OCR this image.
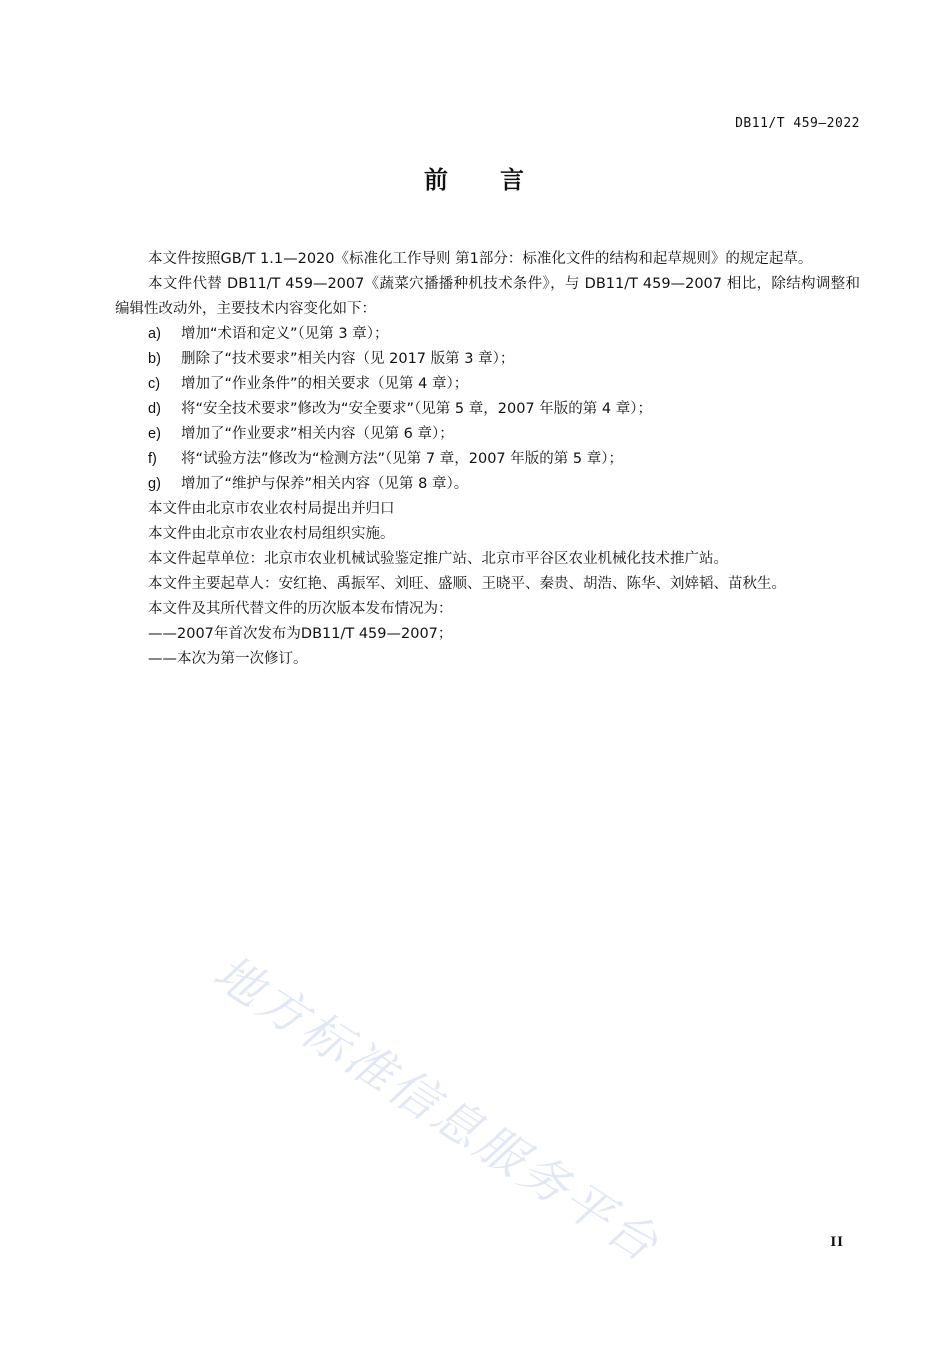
DB11/T 459—2022
前 言

本文件按照GB/T 1.1—2020《标准化工作导则 第1部分：标准化文件的结构和起草规则》的规定起草。

本文件代替 DB11/T 459—2007《蔬菜穴播播种机技术条件》，与 DB11/T 459—2007 相比，除结构调整和编辑性改动外，主要技术内容变化如下：

a)	增加“术语和定义”（见第 3 章）；
b)	删除了“技术要求”相关内容（见 2017 版第 3 章）；
c)	增加了“作业条件”的相关要求（见第 4 章）；
d)	将“安全技术要求”修改为“安全要求”（见第 5 章，2007 年版的第 4 章）；
e)	增加了“作业要求”相关内容（见第 6 章）；
f)	将“试验方法”修改为“检测方法”（见第 7 章，2007 年版的第 5 章）；
g)	增加了“维护与保养”相关内容（见第 8 章）。

本文件由北京市农业农村局提出并归口

本文件由北京市农业农村局组织实施。

本文件起草单位：北京市农业机械试验鉴定推广站、北京市平谷区农业机械化技术推广站。

本文件主要起草人：安红艳、禹振军、刘旺、盛顺、王晓平、秦贵、胡浩、陈华、刘婞韬、苗秋生。

本文件及其所代替文件的历次版本发布情况为：

——2007年首次发布为DB11/T 459—2007；

——本次为第一次修订。

地方标准信息服务平台	II
